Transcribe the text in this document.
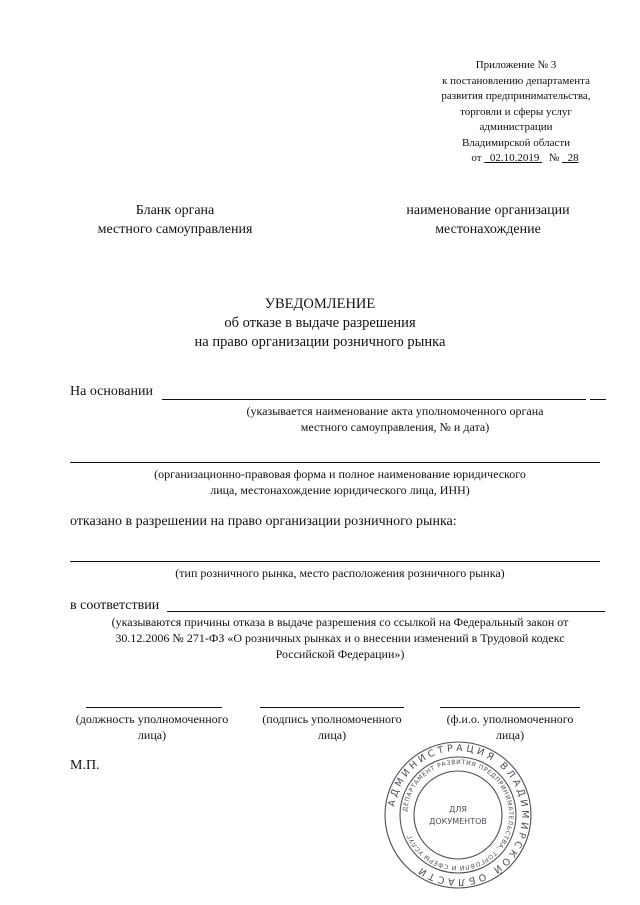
Приложение № 3
к постановлению департамента
развития предпринимательства,
торговли и сферы услуг
администрации
Владимирской области
от 02.10.2019 № 28
Бланк органа
местного самоуправления
наименование организации
местонахождение
УВЕДОМЛЕНИЕ
об отказе в выдаче разрешения
на право организации розничного рынка
На основании
(указывается наименование акта уполномоченного органа
местного самоуправления, № и дата)
(организационно-правовая форма и полное наименование юридического
лица, местонахождение юридического лица, ИНН)
отказано в разрешении на право организации розничного рынка:
(тип розничного рынка, место расположения розничного рынка)
в соответствии
(указываются причины отказа в выдаче разрешения со ссылкой на Федеральный закон от
30.12.2006 № 271-ФЗ «О розничных рынках и о внесении изменений в Трудовой кодекс
Российской Федерации»)
(должность уполномоченного
лица)
(подпись уполномоченного
лица)
(ф.и.о. уполномоченного
лица)
М.П.
АДМИНИСТРАЦИЯ ВЛАДИМИРСКОЙ ОБЛАСТИ
ДЕПАРТАМЕНТ РАЗВИТИЯ ПРЕДПРИНИМАТЕЛЬСТВА, ТОРГОВЛИ И СФЕРЫ УСЛУГ
ДЛЯ
ДОКУМЕНТОВ
